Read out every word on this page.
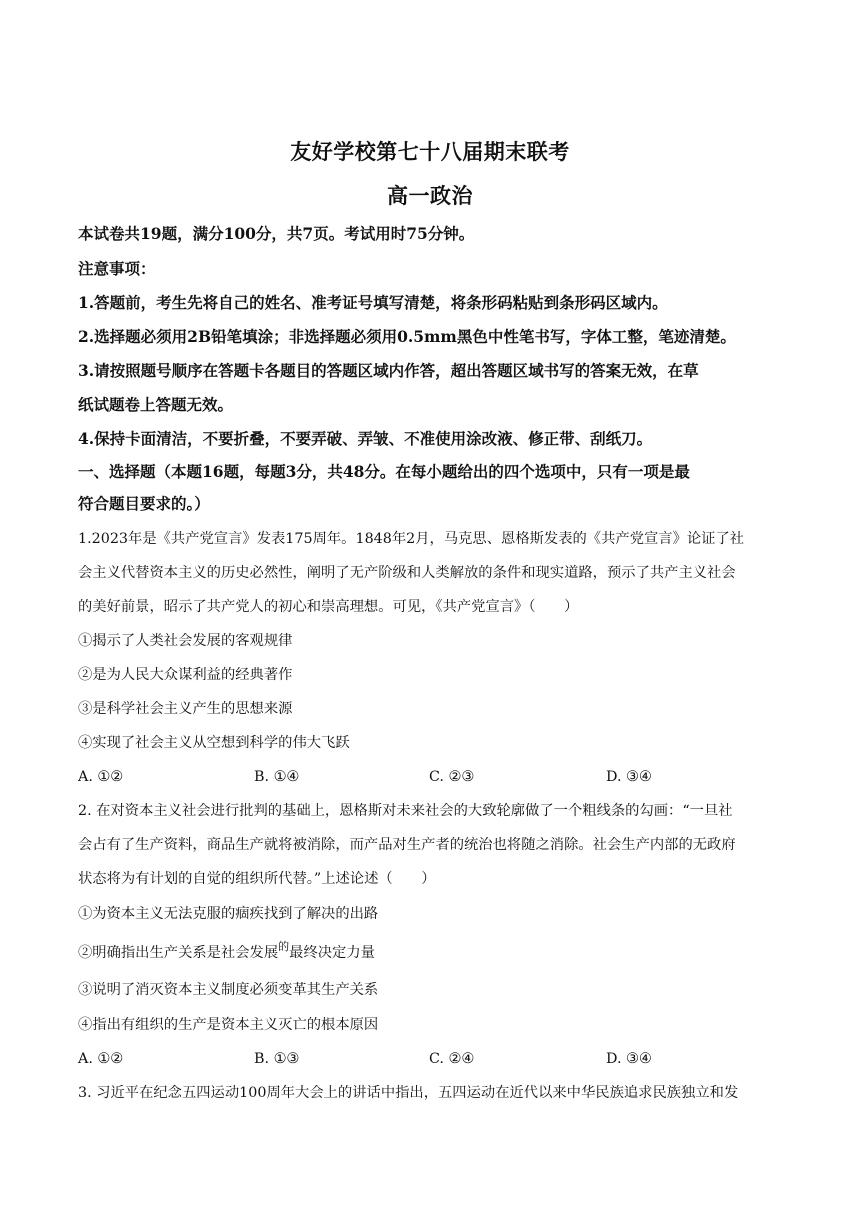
友好学校第七十八届期末联考
高一政治
本试卷共19题，满分100分，共7页。考试用时75分钟。
注意事项：
1.答题前，考生先将自己的姓名、准考证号填写清楚，将条形码粘贴到条形码区域内。
2.选择题必须用2B铅笔填涂；非选择题必须用0.5mm黑色中性笔书写，字体工整，笔迹清楚。
3.请按照题号顺序在答题卡各题目的答题区域内作答，超出答题区域书写的答案无效，在草
纸试题卷上答题无效。
4.保持卡面清洁，不要折叠，不要弄破、弄皱、不准使用涂改液、修正带、刮纸刀。
一、选择题（本题16题，每题3分，共48分。在每小题给出的四个选项中，只有一项是最
符合题目要求的。）
1.2023年是《共产党宣言》发表175周年。1848年2月，马克思、恩格斯发表的《共产党宣言》论证了社
会主义代替资本主义的历史必然性，阐明了无产阶级和人类解放的条件和现实道路，预示了共产主义社会
的美好前景，昭示了共产党人的初心和崇高理想。可见，《共产党宣言》（　　）
①揭示了人类社会发展的客观规律
②是为人民大众谋利益的经典著作
③是科学社会主义产生的思想来源
④实现了社会主义从空想到科学的伟大飞跃
A. ①②	B. ①④	C. ②③	D. ③④
2. 在对资本主义社会进行批判的基础上，恩格斯对未来社会的大致轮廓做了一个粗线条的勾画：“一旦社
会占有了生产资料，商品生产就将被消除，而产品对生产者的统治也将随之消除。社会生产内部的无政府
状态将为有计划的自觉的组织所代替。”上述论述（　　）
①为资本主义无法克服的痼疾找到了解决的出路
②明确指出生产关系是社会发展$^的$最终决定力量
③说明了消灭资本主义制度必须变革其生产关系
④指出有组织的生产是资本主义灭亡的根本原因
A. ①②	B. ①③	C. ②④	D. ③④
3. 习近平在纪念五四运动100周年大会上的讲话中指出，五四运动在近代以来中华民族追求民族独立和发
